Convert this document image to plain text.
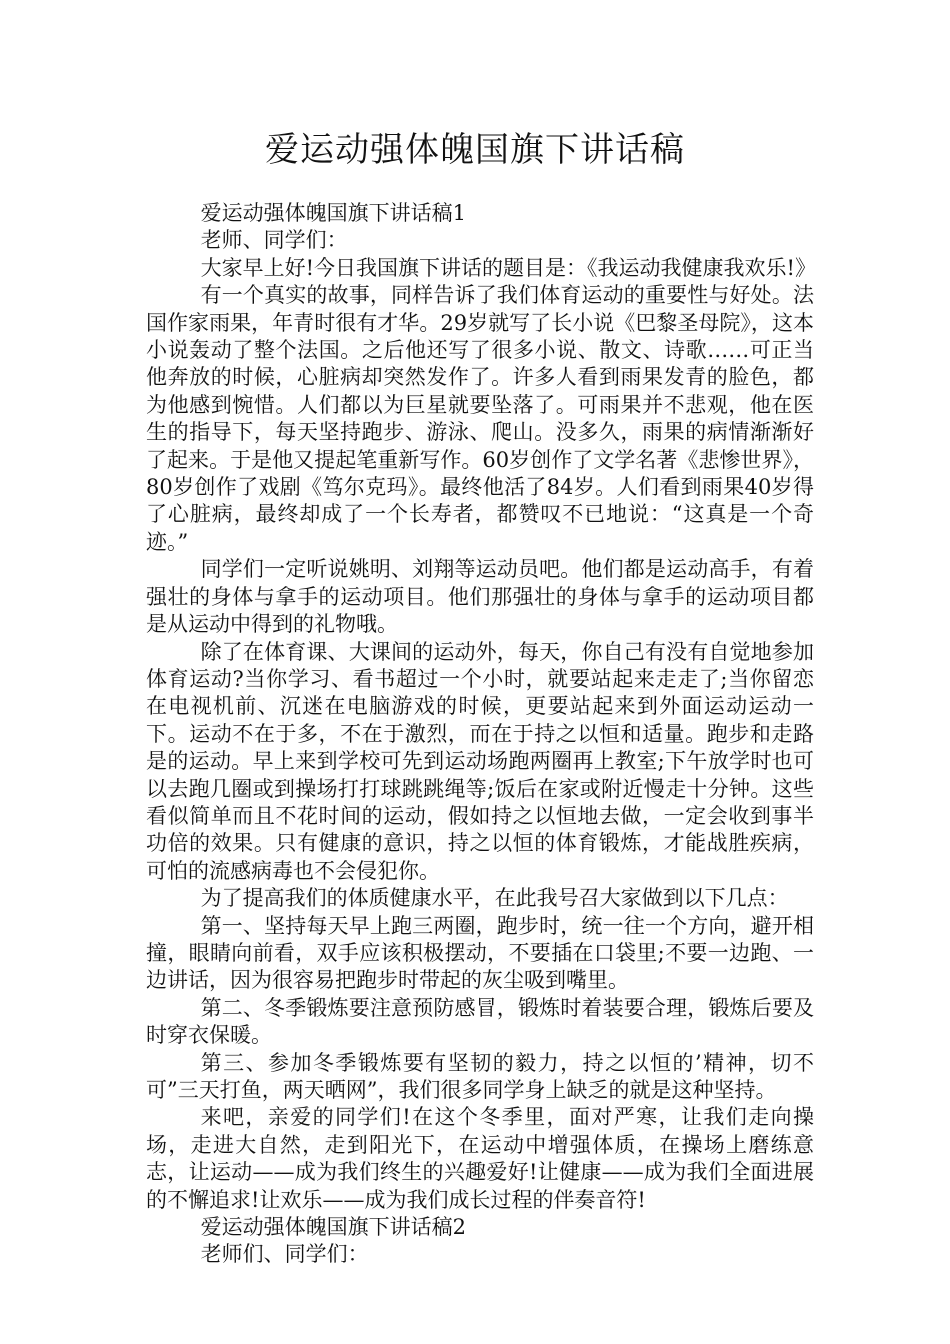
爱运动强体魄国旗下讲话稿

爱运动强体魄国旗下讲话稿1

老师、同学们：

大家早上好!今日我国旗下讲话的题目是：《我运动我健康我欢乐!》

有一个真实的故事，同样告诉了我们体育运动的重要性与好处。法国作家雨果，年青时很有才华。29岁就写了长小说《巴黎圣母院》，这本小说轰动了整个法国。之后他还写了很多小说、散文、诗歌……可正当他奔放的时候，心脏病却突然发作了。许多人看到雨果发青的脸色，都为他感到惋惜。人们都以为巨星就要坠落了。可雨果并不悲观，他在医生的指导下，每天坚持跑步、游泳、爬山。没多久，雨果的病情渐渐好了起来。于是他又提起笔重新写作。60岁创作了文学名著《悲惨世界》，80岁创作了戏剧《笃尔克玛》。最终他活了84岁。人们看到雨果40岁得了心脏病，最终却成了一个长寿者，都赞叹不已地说：“这真是一个奇迹。”

同学们一定听说姚明、刘翔等运动员吧。他们都是运动高手，有着强壮的身体与拿手的运动项目。他们那强壮的身体与拿手的运动项目都是从运动中得到的礼物哦。

除了在体育课、大课间的运动外，每天，你自己有没有自觉地参加体育运动?当你学习、看书超过一个小时，就要站起来走走了;当你留恋在电视机前、沉迷在电脑游戏的时候，更要站起来到外面运动运动一下。运动不在于多，不在于激烈，而在于持之以恒和适量。跑步和走路是的运动。早上来到学校可先到运动场跑两圈再上教室;下午放学时也可以去跑几圈或到操场打打球跳跳绳等;饭后在家或附近慢走十分钟。这些看似简单而且不花时间的运动，假如持之以恒地去做，一定会收到事半功倍的效果。只有健康的意识，持之以恒的体育锻炼，才能战胜疾病，可怕的流感病毒也不会侵犯你。

为了提高我们的体质健康水平，在此我号召大家做到以下几点：

第一、坚持每天早上跑三两圈，跑步时，统一往一个方向，避开相撞，眼睛向前看，双手应该积极摆动，不要插在口袋里;不要一边跑、一边讲话，因为很容易把跑步时带起的灰尘吸到嘴里。

第二、冬季锻炼要注意预防感冒，锻炼时着装要合理，锻炼后要及时穿衣保暖。

第三、参加冬季锻炼要有坚韧的毅力，持之以恒的’精神，切不可”三天打鱼，两天晒网”，我们很多同学身上缺乏的就是这种坚持。

来吧，亲爱的同学们!在这个冬季里，面对严寒，让我们走向操场，走进大自然，走到阳光下，在运动中增强体质，在操场上磨练意志，让运动——成为我们终生的兴趣爱好!让健康——成为我们全面进展的不懈追求!让欢乐——成为我们成长过程的伴奏音符!

爱运动强体魄国旗下讲话稿2

老师们、同学们：
